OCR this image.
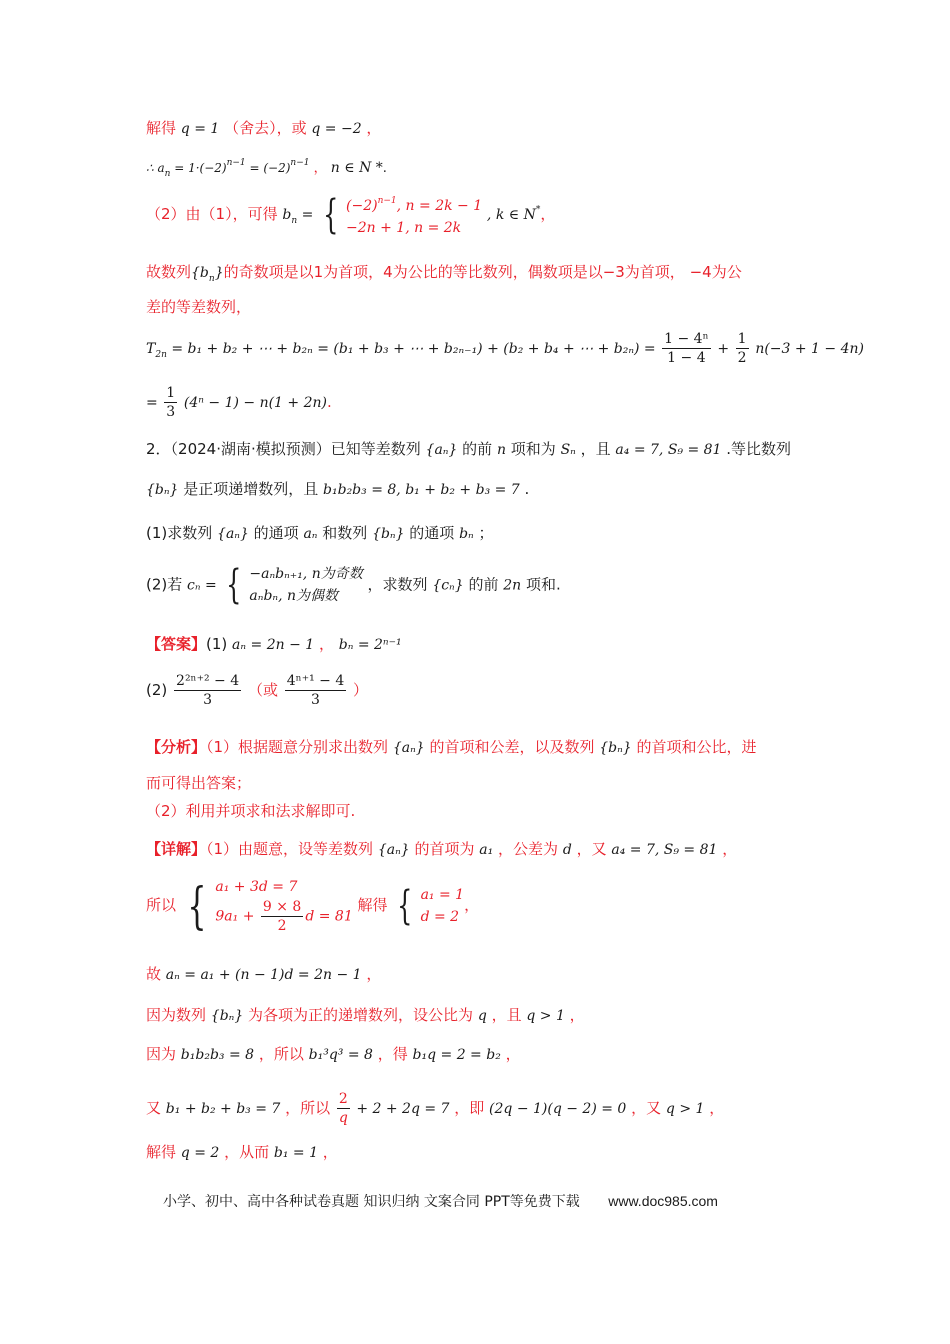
解得 q = 1 （舍去），或 q = −2 ，
∴ $a_n = 1\cdot(-2)^{n-1} = (-2)^{n-1}$ ， n ∈ N *.
（2）由（1），可得 $b_n$ = { $(-2)^{n-1}$, n = 2k − 1
−2n + 1, n = 2k
, k ∈ N*，
故数列$\{b_n\}$的奇数项是以1为首项，4为公比的等比数列，偶数项是以−3为首项， −4为公
差的等差数列，
$T_{2n} = b_1 + b_2$ + ⋯ + b₂ₙ = (b₁ + b₃ + ⋯ + b₂ₙ₋₁) + (b₂ + b₄ + ⋯ + $b_{2n}) = \frac{\text{1 − 4ⁿ}}{1 - 4} + \frac{1}{2} n(-3 + 1 - 4n)$
= $\frac{1}{3} (4^n - 1) - n(1 + 2n)$.
2．（2024·湖南·模拟预测）已知等差数列 {aₙ} 的前 n 项和为 Sₙ ，且 a₄ = 7, S₉ = 81 .等比数列
{bₙ} 是正项递增数列，且 b₁b₂b₃ = 8, b₁ + b₂ + b₃ = 7 .
(1)求数列 {aₙ} 的通项 aₙ 和数列 {bₙ} 的通项 bₙ ；
(2)若 cₙ = { −aₙbₙ₊₁, n为奇数
aₙbₙ, n为偶数
，求数列 {cₙ} 的前 2n 项和.
【答案】(1) aₙ = 2n − 1 ， bₙ = 2ⁿ⁻¹
$(2) \frac{\text{2²ⁿ⁺² − 4}}{3}$ （或 $\frac{\text{4ⁿ⁺¹ − 4}}{3}$ ）
【分析】（1）根据题意分别求出数列 {aₙ} 的首项和公差，以及数列 {bₙ} 的首项和公比，进
而可得出答案；
（2）利用并项求和法求解即可.
【详解】（1）由题意，设等差数列 {aₙ} 的首项为 a₁ ，公差为 d ，又 a₄ = 7, S₉ = 81 ，
所以 { a₁ + 3d = 7
$9a_1 + \frac{9 \times 8}{2}$ d = 81
解得 { a₁ = 1
d = 2
，
故 aₙ = a₁ + (n − 1)d = 2n − 1 ，
因为数列 {bₙ} 为各项为正的递增数列，设公比为 q ，且 q > 1 ，
因为 b₁b₂b₃ = 8 ，所以 b₁³q³ = 8 ，得 b₁q = 2 = b₂ ，
又 b₁ + b₂ + b₃ = 7 ，所以 $\frac{2}{q} + 2 + 2q = 7$ ，即 (2q − 1)(q − 2) = 0 ，又 q > 1 ，
解得 q = 2 ，从而 b₁ = 1 ，
小学、初中、高中各种试卷真题 知识归纳 文案合同 PPT等免费下载 www.doc985.com
